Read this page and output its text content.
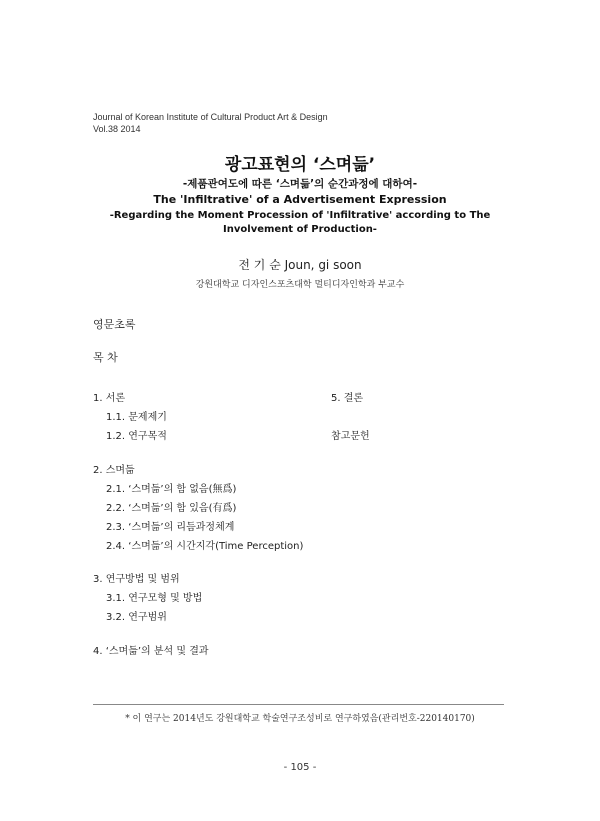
Journal of Korean Institute of Cultural Product Art & Design
Vol.38 2014
광고표현의 ‘스며듦’
-제품관여도에 따른 ‘스며듦’의 순간과정에 대하여-
The 'Infiltrative' of a Advertisement Expression
-Regarding the Moment Procession of 'Infiltrative' according to The Involvement of Production-
전 기 순 Joun, gi soon
강원대학교 디자인스포츠대학 멀티디자인학과 부교수
영문초록
목 차
1. 서론
1.1. 문제제기
1.2. 연구목적
2. 스며듦
2.1. ‘스며듦’의 함 없음(無爲)
2.2. ‘스며듦’의 함 있음(有爲)
2.3. ‘스며듦’의 리듬과정체계
2.4. ‘스며듦’의 시간지각(Time Perception)
3. 연구방법 및 범위
3.1. 연구모형 및 방법
3.2. 연구범위
4. ‘스며듦’의 분석 및 결과
5. 결론
참고문헌
* 이 연구는 2014년도 강원대학교 학술연구조성비로 연구하였음(관리번호-220140170)
- 105 -
